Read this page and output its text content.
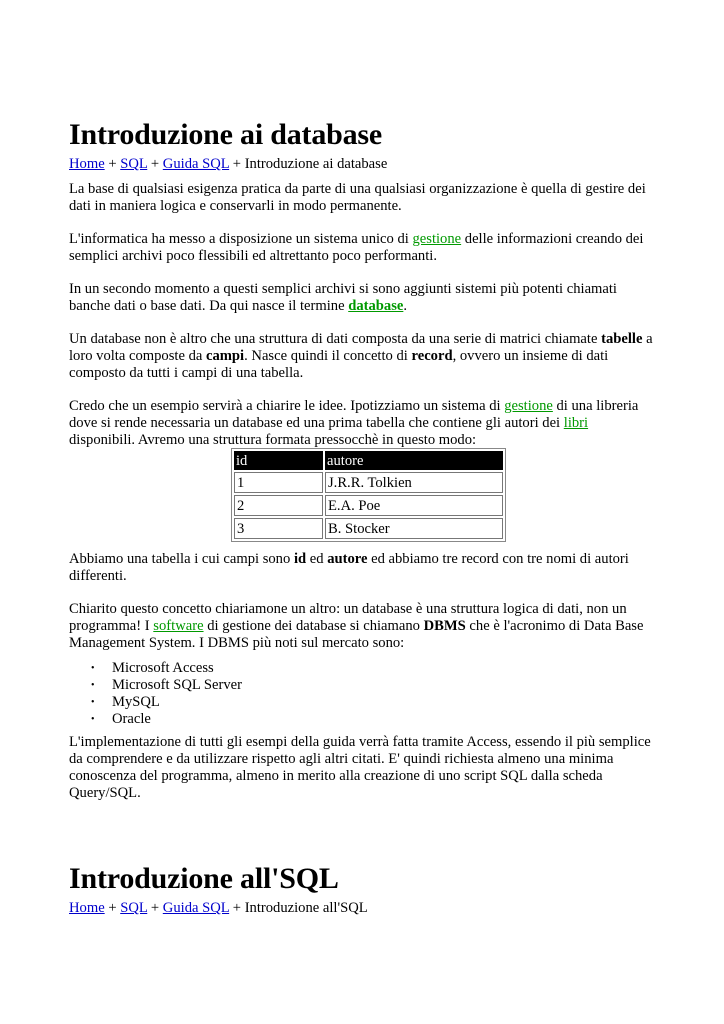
Introduzione ai database
Home + SQL + Guida SQL + Introduzione ai database

La base di qualsiasi esigenza pratica da parte di una qualsiasi organizzazione è quella di gestire dei dati in maniera logica e conservarli in modo permanente.

L'informatica ha messo a disposizione un sistema unico di gestione delle informazioni creando dei semplici archivi poco flessibili ed altrettanto poco performanti.

In un secondo momento a questi semplici archivi si sono aggiunti sistemi più potenti chiamati banche dati o base dati. Da qui nasce il termine database.

Un database non è altro che una struttura di dati composta da una serie di matrici chiamate tabelle a loro volta composte da campi. Nasce quindi il concetto di record, ovvero un insieme di dati composto da tutti i campi di una tabella.

Credo che un esempio servirà a chiarire le idee. Ipotizziamo un sistema di gestione di una libreria dove si rende necessaria un database ed una prima tabella che contiene gli autori dei libri
disponibili. Avremo una struttura formata pressocchè in questo modo:

id	autore
1	J.R.R. Tolkien
2	E.A. Poe
3	B. Stocker

Abbiamo una tabella i cui campi sono id ed autore ed abbiamo tre record con tre nomi di autori differenti.

Chiarito questo concetto chiariamone un altro: un database è una struttura logica di dati, non un programma! I software di gestione dei database si chiamano DBMS che è l'acronimo di Data Base Management System. I DBMS più noti sul mercato sono:

• Microsoft Access
• Microsoft SQL Server
• MySQL
• Oracle

L'implementazione di tutti gli esempi della guida verrà fatta tramite Access, essendo il più semplice da comprendere e da utilizzare rispetto agli altri citati. E' quindi richiesta almeno una minima conoscenza del programma, almeno in merito alla creazione di uno script SQL dalla scheda Query/SQL.

Introduzione all'SQL
Home + SQL + Guida SQL + Introduzione all'SQL
